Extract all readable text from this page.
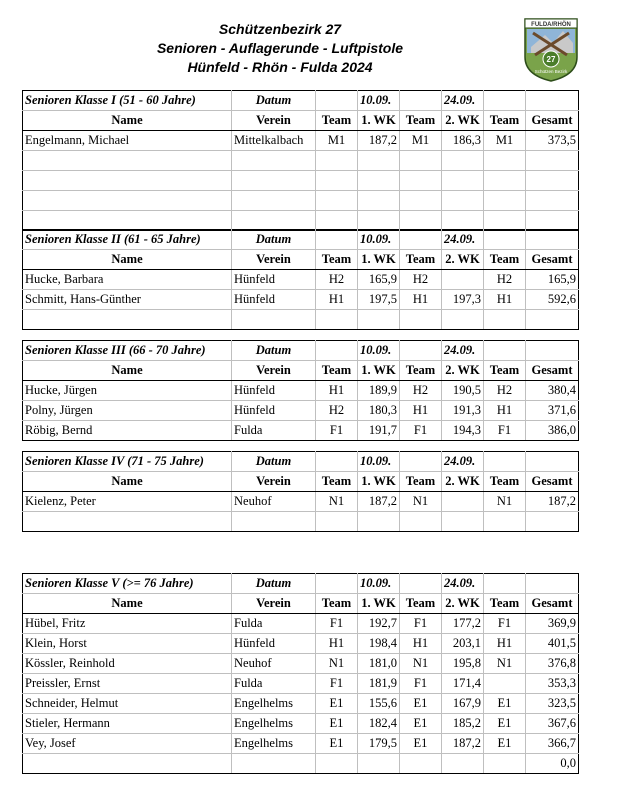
Schützenbezirk 27
Senioren - Auflagerunde - Luftpistole
Hünfeld - Rhön - Fulda 2024
FULDA/RHÖN
27
Schützen Bezirk
Senioren Klasse I (51 - 60 Jahre)	Datum		10.09.		24.09.		
Name	Verein	Team	1. WK	Team	2. WK	Team	Gesamt
Engelmann, Michael	Mittelkalbach	M1	187,2	M1	186,3	M1	373,5

Senioren Klasse II (61 - 65 Jahre)	Datum		10.09.		24.09.		
Name	Verein	Team	1. WK	Team	2. WK	Team	Gesamt
Hucke, Barbara	Hünfeld	H2	165,9	H2		H2	165,9
Schmitt, Hans-Günther	Hünfeld	H1	197,5	H1	197,3	H1	592,6

Senioren Klasse III (66 - 70 Jahre)	Datum		10.09.		24.09.		
Name	Verein	Team	1. WK	Team	2. WK	Team	Gesamt
Hucke, Jürgen	Hünfeld	H1	189,9	H2	190,5	H2	380,4
Polny, Jürgen	Hünfeld	H2	180,3	H1	191,3	H1	371,6
Röbig, Bernd	Fulda	F1	191,7	F1	194,3	F1	386,0
Senioren Klasse IV (71 - 75 Jahre)	Datum		10.09.		24.09.		
Name	Verein	Team	1. WK	Team	2. WK	Team	Gesamt
Kielenz, Peter	Neuhof	N1	187,2	N1		N1	187,2

Senioren Klasse V (>= 76 Jahre)	Datum		10.09.		24.09.		
Name	Verein	Team	1. WK	Team	2. WK	Team	Gesamt
Hübel, Fritz	Fulda	F1	192,7	F1	177,2	F1	369,9
Klein, Horst	Hünfeld	H1	198,4	H1	203,1	H1	401,5
Kössler, Reinhold	Neuhof	N1	181,0	N1	195,8	N1	376,8
Preissler, Ernst	Fulda	F1	181,9	F1	171,4		353,3
Schneider, Helmut	Engelhelms	E1	155,6	E1	167,9	E1	323,5
Stieler, Hermann	Engelhelms	E1	182,4	E1	185,2	E1	367,6
Vey, Josef	Engelhelms	E1	179,5	E1	187,2	E1	366,7
							0,0
